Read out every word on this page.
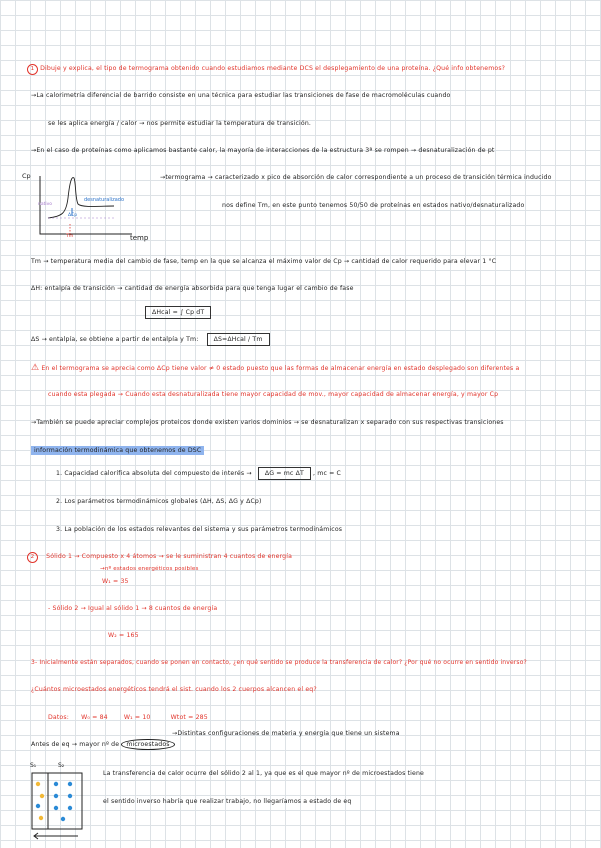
1 Dibuje y explica, el tipo de termograma obtenido cuando estudiamos mediante DCS el desplegamiento de una proteína. ¿Qué info obtenemos?
→La calorimetría diferencial de barrido consiste en una técnica para estudiar las transiciones de fase de macromoléculas cuando
se les aplica energía / calor → nos permite estudiar la temperatura de transición.
→En el caso de proteínas como aplicamos bastante calor, la mayoría de interacciones de la estructura 3ª se rompen → desnaturalización de pt
Cp
nativo
desnaturalizado
ΔCp
Tm	temp
→termograma → caracterizado x pico de absorción de calor correspondiente a un proceso de transición térmica inducido
nos define Tm, en este punto tenemos 50/50 de proteínas en estados nativo/desnaturalizado
Tm → temperatura media del cambio de fase, temp en la que se alcanza el máximo valor de Cp → cantidad de calor requerido para elevar 1 °C
ΔH: entalpía de transición → cantidad de energía absorbida para que tenga lugar el cambio de fase
ΔHcal = ∫ Cp dT
ΔS → entalpía, se obtiene a partir de entalpía y Tm: ΔS=ΔHcal / Tm
⚠ En el termograma se aprecia como ΔCp tiene valor ≠ 0 estado puesto que las formas de almacenar energía en estado desplegado son diferentes a
cuando esta plegada → Cuando esta desnaturalizada tiene mayor capacidad de mov., mayor capacidad de almacenar energía, y mayor Cp
→También se puede apreciar complejos proteicos donde existen varios dominios → se desnaturalizan x separado con sus respectivas transiciones
información termodinámica que obtenemos de DSC
1. Capacidad calorífica absoluta del compuesto de interés → ΔG = mc ΔT , mc = C
2. Los parámetros termodinámicos globales (ΔH, ΔS, ΔG y ΔCp)
3. La población de los estados relevantes del sistema y sus parámetros termodinámicos
2 Sólido 1 → Compuesto x 4 átomos → se le suministran 4 cuantos de energía
→nº estados energéticos posibles
W₁ = 35
- Sólido 2 → Igual al sólido 1 → 8 cuantos de energía
W₂ = 165
3- Inicialmente están separados, cuando se ponen en contacto, ¿en qué sentido se produce la transferencia de calor? ¿Por qué no ocurre en sentido inverso?
¿Cuántos microestados energéticos tendrá el sist. cuando los 2 cuerpos alcancen el eq?
Datos: W₀ = 84	W₁ = 10	Wtot = 285
→Distintas configuraciones de materia y energía que tiene un sistema
Antes de eq → mayor nº de microestados
S₁	S₂
La transferencia de calor ocurre del sólido 2 al 1, ya que es el que mayor nº de microestados tiene
el sentido inverso habría que realizar trabajo, no llegaríamos a estado de eq
